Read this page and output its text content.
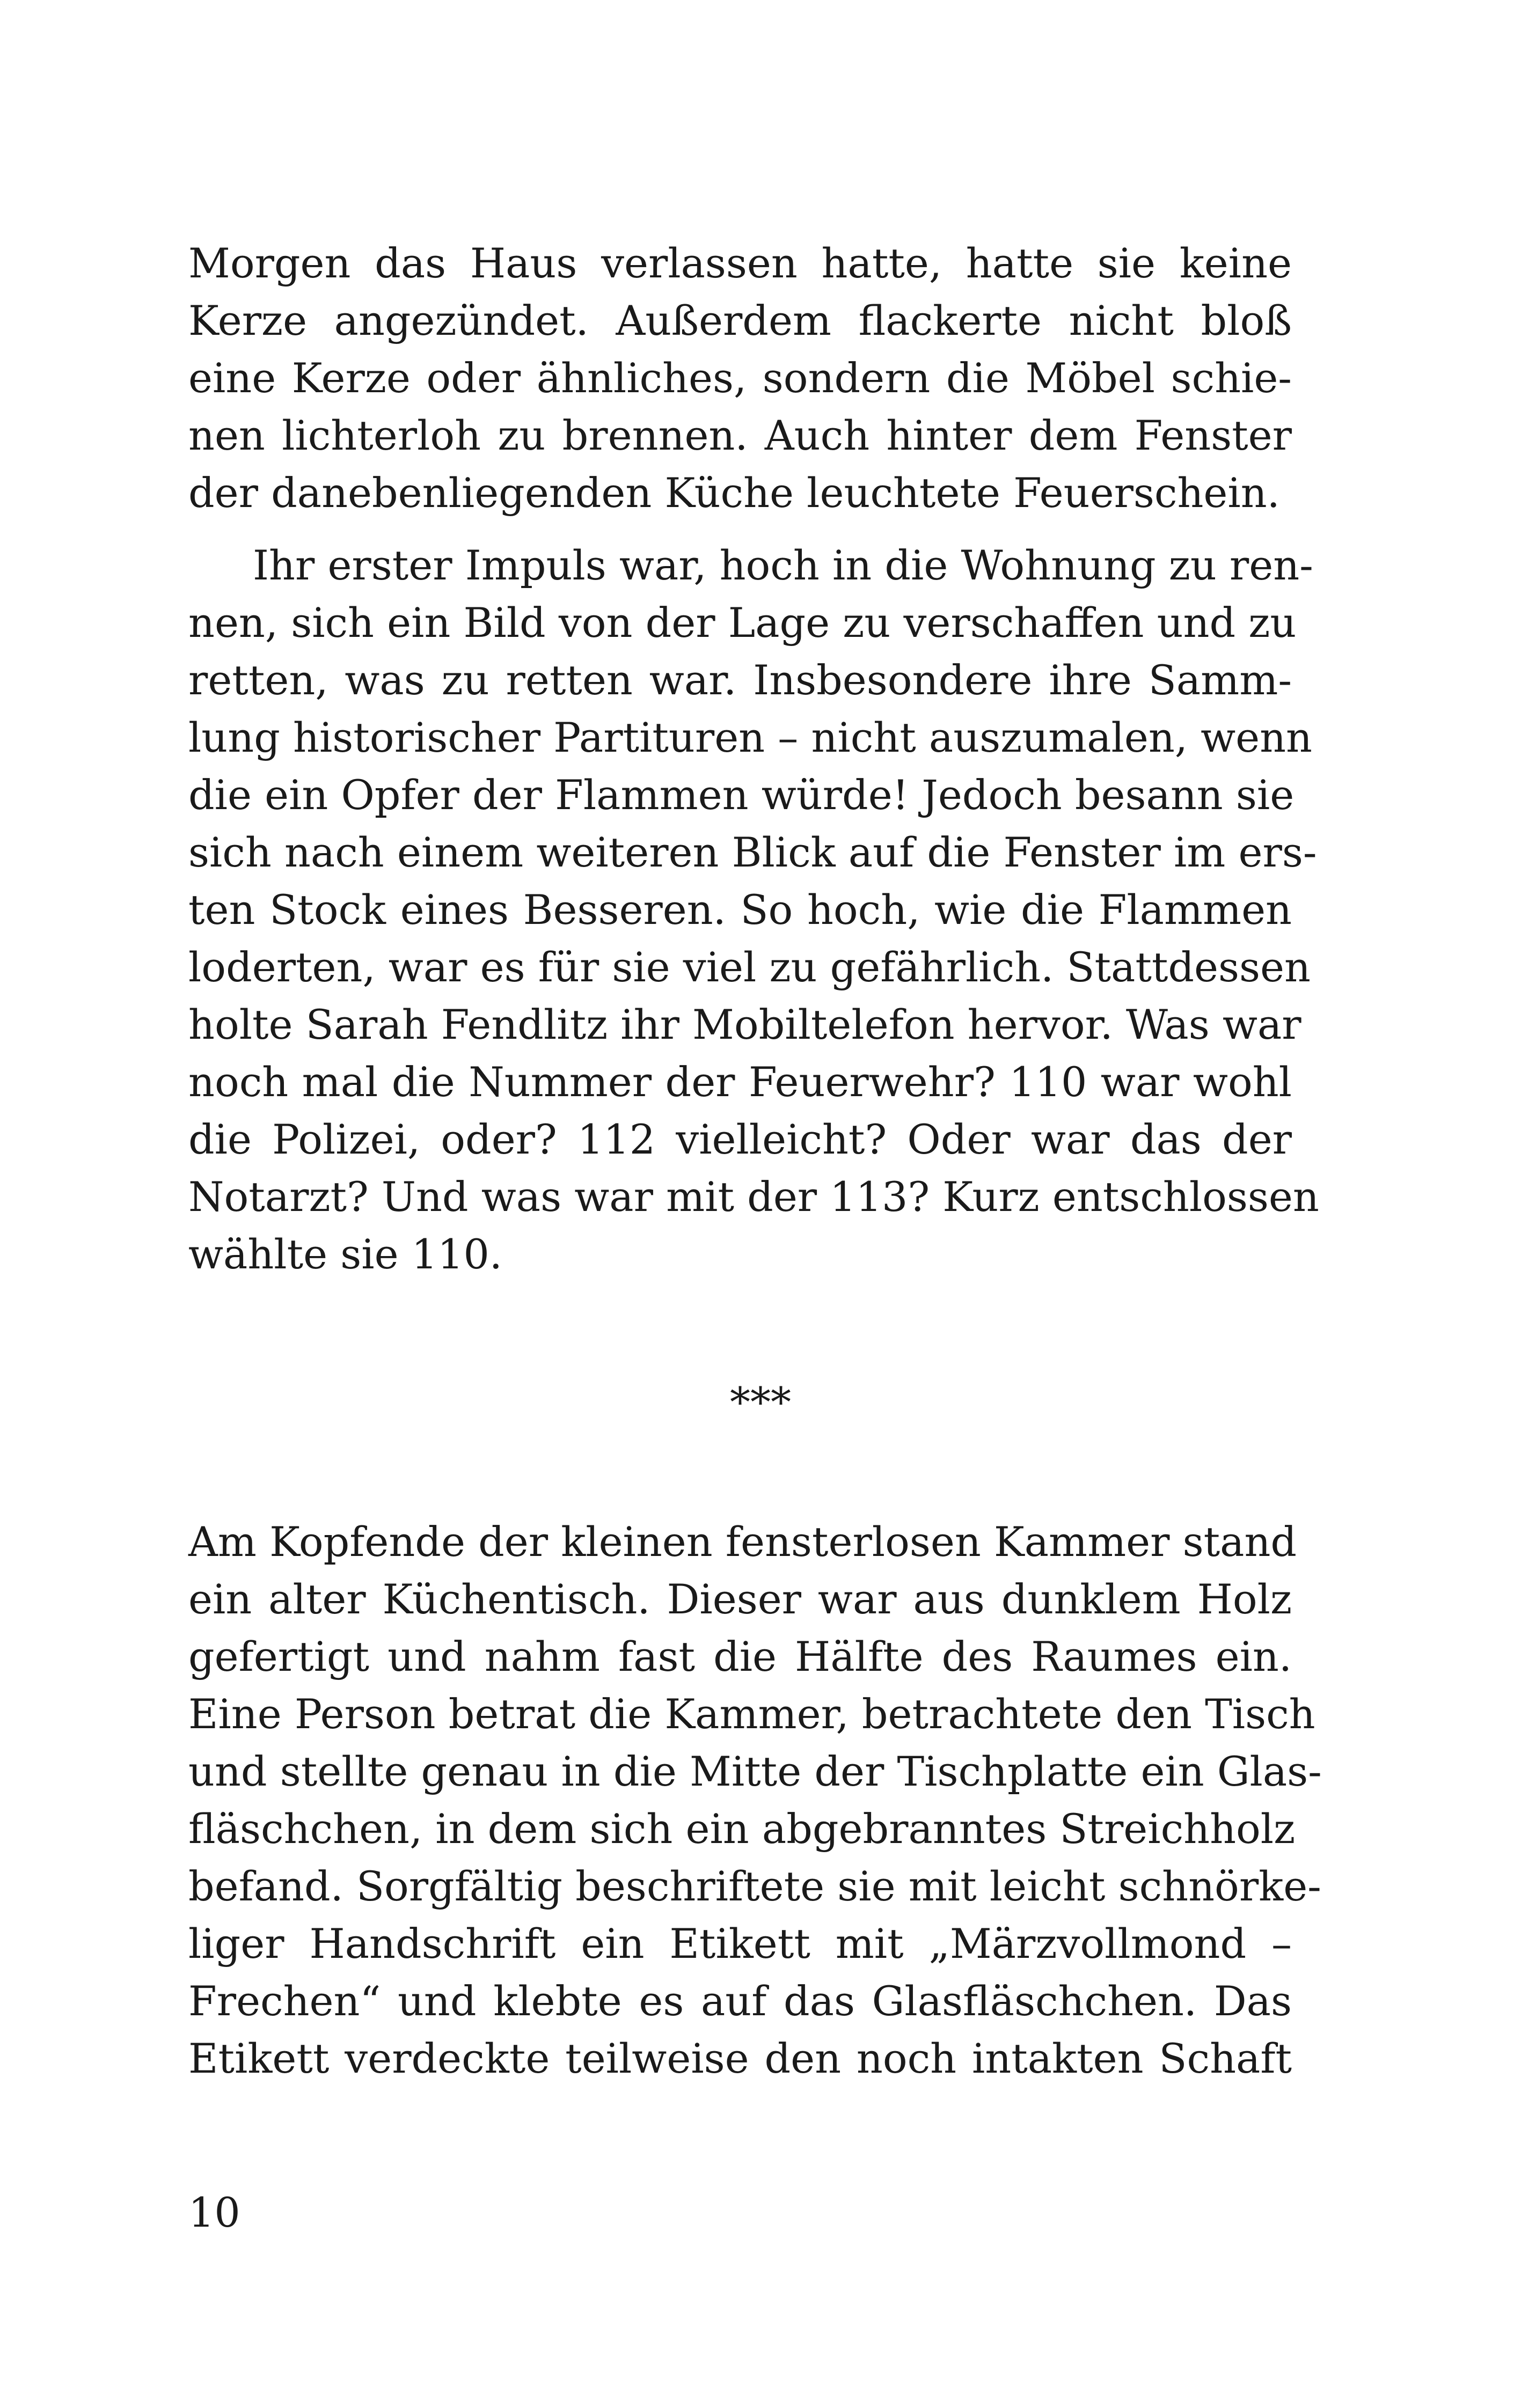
Morgen das Haus verlassen hatte, hatte sie keine
Kerze angezündet. Außerdem flackerte nicht bloß
eine Kerze oder ähnliches, sondern die Möbel schie-
nen lichterloh zu brennen. Auch hinter dem Fenster
der danebenliegenden Küche leuchtete Feuerschein.
Ihr erster Impuls war, hoch in die Wohnung zu ren-
nen, sich ein Bild von der Lage zu verschaffen und zu
retten, was zu retten war. Insbesondere ihre Samm-
lung historischer Partituren – nicht auszumalen, wenn
die ein Opfer der Flammen würde! Jedoch besann sie
sich nach einem weiteren Blick auf die Fenster im ers-
ten Stock eines Besseren. So hoch, wie die Flammen
loderten, war es für sie viel zu gefährlich. Stattdessen
holte Sarah Fendlitz ihr Mobiltelefon hervor. Was war
noch mal die Nummer der Feuerwehr? 110 war wohl
die Polizei, oder? 112 vielleicht? Oder war das der
Notarzt? Und was war mit der 113? Kurz entschlossen
wählte sie 110.
***
Am Kopfende der kleinen fensterlosen Kammer stand
ein alter Küchentisch. Dieser war aus dunklem Holz
gefertigt und nahm fast die Hälfte des Raumes ein.
Eine Person betrat die Kammer, betrachtete den Tisch
und stellte genau in die Mitte der Tischplatte ein Glas-
fläschchen, in dem sich ein abgebranntes Streichholz
befand. Sorgfältig beschriftete sie mit leicht schnörke-
liger Handschrift ein Etikett mit „Märzvollmond –
Frechen“ und klebte es auf das Glasfläschchen. Das
Etikett verdeckte teilweise den noch intakten Schaft
10
